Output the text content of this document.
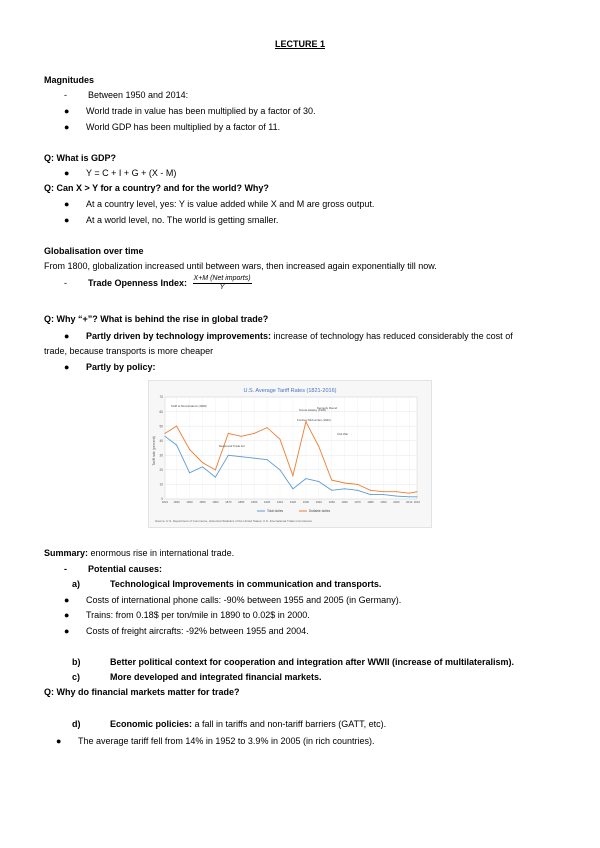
LECTURE 1
Magnitudes
- Between 1950 and 2014:
● World trade in value has been multiplied by a factor of 30.
● World GDP has been multiplied by a factor of 11.
Q: What is GDP?
● Y = C + I + G + (X - M)
Q: Can X > Y for a country? and for the world? Why?
● At a country level, yes: Y is value added while X and M are gross output.
● At a world level, no. The world is getting smaller.
Globalisation over time
From 1800, globalization increased until between wars, then increased again exponentially till now.
- Trade Openness Index: $\frac{\text{X+M (Net imports)}}{Y}$
Q: Why “+”? What is behind the rise in global trade?
● Partly driven by technology improvements: increase of technology has reduced considerably the cost of
trade, because transports is more cheaper
● Partly by policy:
0
10
20
30
40
50
60
70
1821 1830 1840 1850 1860 1870 1880 1890 1900 1910 1920 1930 1940 1950 1960 1970 1980 1990 2000 2010 2016
U.S. Average Tariff Rates (1821-2016)
Tariff rate (percent)
Tariff of Abominations (1828)
Smoot-Hawley (1930)
Fordney-McCumber (1922)
Kennedy Round
Civil War
Reciprocal Trade Act
Total duties	Dutiable duties
Source: U.S. Department of Commerce, Historical Statistics of the United States; U.S. International Trade Commission
Summary: enormous rise in international trade.
- Potential causes:
a)	Technological Improvements in communication and transports.
● Costs of international phone calls: -90% between 1955 and 2005 (in Germany).
● Trains: from 0.18$ per ton/mile in 1890 to 0.02$ in 2000.
● Costs of freight aircrafts: -92% between 1955 and 2004.
b)	Better political context for cooperation and integration after WWII (increase of multilateralism).
c)	More developed and integrated financial markets.
Q: Why do financial markets matter for trade?
d)	Economic policies: a fall in tariffs and non-tariff barriers (GATT, etc).
● The average tariff fell from 14% in 1952 to 3.9% in 2005 (in rich countries).
